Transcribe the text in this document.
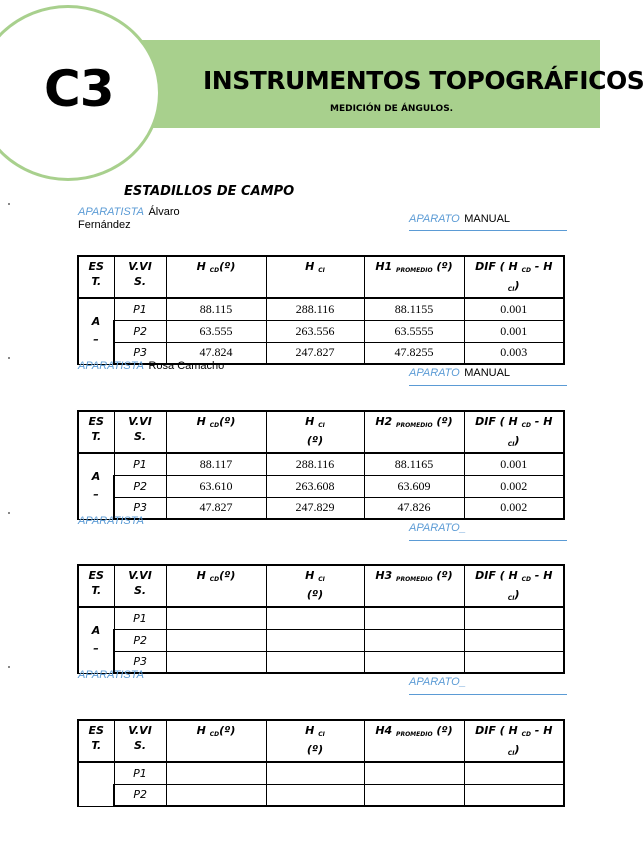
C3	INSTRUMENTOS TOPOGRÁFICOS
MEDICIÓN DE ÁNGULOS.
ESTADILLOS DE CAMPO
APARATISTA Álvaro
Fernández	APARATO MANUAL
ES
T.	V.VI
S.	H $_{CD}$(º)	H $_{CI}$	H1 $_{PROMEDIO}$ (º)	DIF ( H $_{CD}$ - H
$_{CI}$)
A
–	P1	88.115	288.116	88.1155	0.001
	P2	63.555	263.556	63.5555	0.001
	P3	47.824	247.827	47.8255	0.003
APARATISTA Rosa Camacho
APARATO MANUAL
ES
T.	V.VI
S.	H $_{CD}$(º)	H $_{CI}$
(º)	H2 $_{PROMEDIO}$ (º)	DIF ( H $_{CD}$ - H
$_{CI}$)
A
–	P1	88.117	288.116	88.1165	0.001
	P2	63.610	263.608	63.609	0.002
	P3	47.827	247.829	47.826	0.002
APARATISTA
APARATO_
ES
T.	V.VI
S.	H $_{CD}$(º)	H $_{CI}$
(º)	H3 $_{PROMEDIO}$ (º)	DIF ( H $_{CD}$ - H
$_{CI}$)
A
–	P1				
	P2				
	P3				
APARATISTA
APARATO_
ES
T.	V.VI
S.	H $_{CD}$(º)	H $_{CI}$
(º)	H4 $_{PROMEDIO}$ (º)	DIF ( H $_{CD}$ - H
$_{CI}$)
	P1				
	P2				
